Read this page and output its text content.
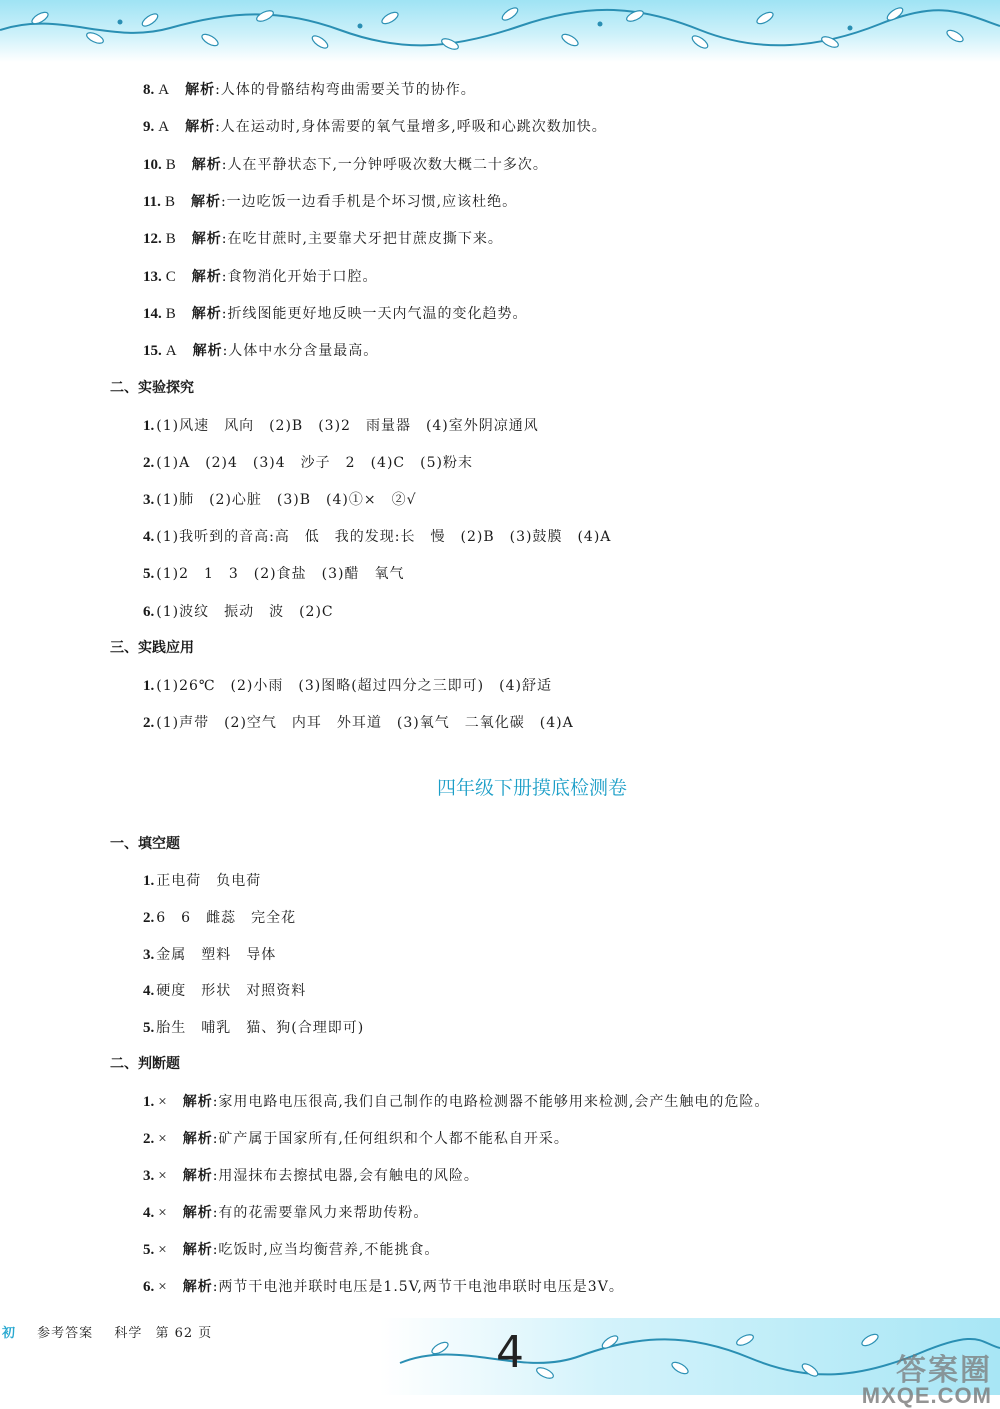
8. A 解析:人体的骨骼结构弯曲需要关节的协作。
9. A 解析:人在运动时,身体需要的氧气量增多,呼吸和心跳次数加快。
10. B 解析:人在平静状态下,一分钟呼吸次数大概二十多次。
11. B 解析:一边吃饭一边看手机是个坏习惯,应该杜绝。
12. B 解析:在吃甘蔗时,主要靠犬牙把甘蔗皮撕下来。
13. C 解析:食物消化开始于口腔。
14. B 解析:折线图能更好地反映一天内气温的变化趋势。
15. A 解析:人体中水分含量最高。
二、实验探究
1. (1)风速　风向　(2)B　(3)2　雨量器　(4)室外阴凉通风
2. (1)A　(2)4　(3)4　沙子　2　(4)C　(5)粉末
3. (1)肺　(2)心脏　(3)B　(4)①×　②√
4. (1)我听到的音高:高　低　我的发现:长　慢　(2)B　(3)鼓膜　(4)A
5. (1)2　1　3　(2)食盐　(3)醋　氧气
6. (1)波纹　振动　波　(2)C
三、实践应用
1. (1)26℃　(2)小雨　(3)图略(超过四分之三即可)　(4)舒适
2. (1)声带　(2)空气　内耳　外耳道　(3)氧气　二氧化碳　(4)A
四年级下册摸底检测卷
一、填空题
1. 正电荷　负电荷
2. 6　6　雌蕊　完全花
3. 金属　塑料　导体
4. 硬度　形状　对照资料
5. 胎生　哺乳　猫、狗(合理即可)
二、判断题
1. × 解析:家用电路电压很高,我们自己制作的电路检测器不能够用来检测,会产生触电的危险。
2. × 解析:矿产属于国家所有,任何组织和个人都不能私自开采。
3. × 解析:用湿抹布去擦拭电器,会有触电的风险。
4. × 解析:有的花需要靠风力来帮助传粉。
5. × 解析:吃饭时,应当均衡营养,不能挑食。
6. × 解析:两节干电池并联时电压是1.5V,两节干电池串联时电压是3V。
4
初 参考答案 科学 第 62 页
答案圈
MXQE.COM
